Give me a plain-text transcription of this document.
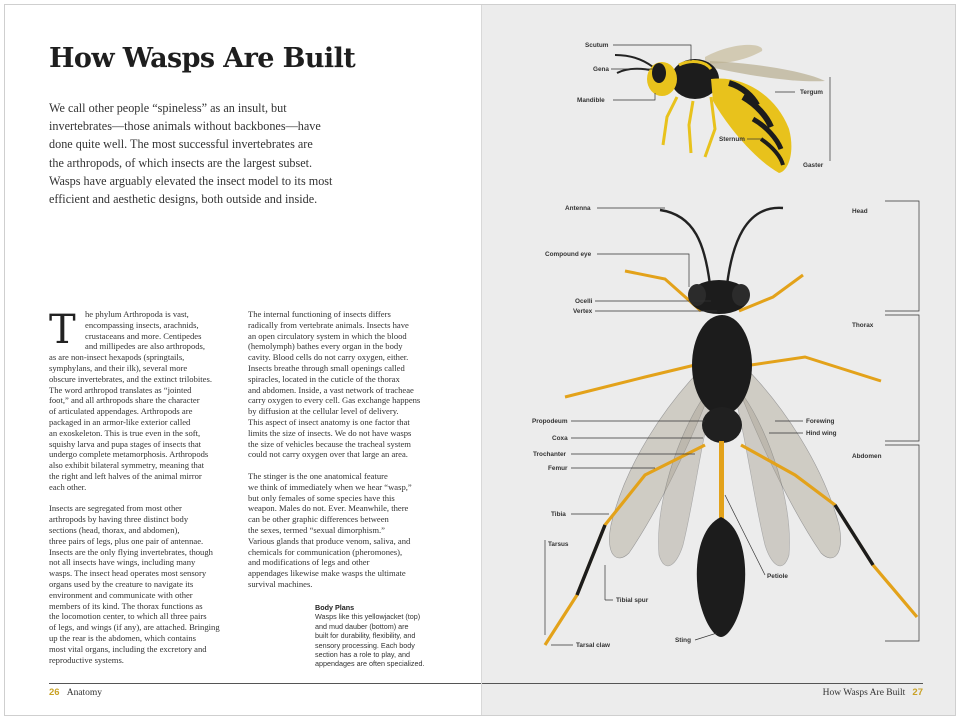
How Wasps Are Built
We call other people “spineless” as an insult, but
invertebrates—those animals without backbones—have
done quite well. The most successful invertebrates are
the arthropods, of which insects are the largest subset.
Wasps have arguably elevated the insect model to its most
efficient and aesthetic designs, both outside and inside.
T	he phylum Arthropoda is vast,
encompassing insects, arachnids,
crustaceans and more. Centipedes
and millipedes are also arthropods,
as are non-insect hexapods (springtails,
symphylans, and their ilk), several more
obscure invertebrates, and the extinct trilobites.
The word arthropod translates as “jointed
foot,” and all arthropods share the character
of articulated appendages. Arthropods are
packaged in an armor-like exterior called
an exoskeleton. This is true even in the soft,
squishy larva and pupa stages of insects that
undergo complete metamorphosis. Arthropods
also exhibit bilateral symmetry, meaning that
the right and left halves of the animal mirror
each other.
Insects are segregated from most other
arthropods by having three distinct body
sections (head, thorax, and abdomen),
three pairs of legs, plus one pair of antennae.
Insects are the only flying invertebrates, though
not all insects have wings, including many
wasps. The insect head operates most sensory
organs used by the creature to navigate its
environment and communicate with other
members of its kind. The thorax functions as
the locomotion center, to which all three pairs
of legs, and wings (if any), are attached. Bringing
up the rear is the abdomen, which contains
most vital organs, including the excretory and
reproductive systems.
The internal functioning of insects differs
radically from vertebrate animals. Insects have
an open circulatory system in which the blood
(hemolymph) bathes every organ in the body
cavity. Blood cells do not carry oxygen, either.
Insects breathe through small openings called
spiracles, located in the cuticle of the thorax
and abdomen. Inside, a vast network of tracheae
carry oxygen to every cell. Gas exchange happens
by diffusion at the cellular level of delivery.
This aspect of insect anatomy is one factor that
limits the size of insects. We do not have wasps
the size of vehicles because the tracheal system
could not carry oxygen over that large an area.
The stinger is the one anatomical feature
we think of immediately when we hear “wasp,”
but only females of some species have this
weapon. Males do not. Ever. Meanwhile, there
can be other graphic differences between
the sexes, termed “sexual dimorphism.”
Various glands that produce venom, saliva, and
chemicals for communication (pheromones),
and modifications of legs and other
appendages likewise make wasps the ultimate
survival machines.
Body Plans
Wasps like this yellowjacket (top)
and mud dauber (bottom) are
built for durability, flexibility, and
sensory processing. Each body
section has a role to play, and
appendages are often specialized.
26 Anatomy
Scutum
Gena
Mandible
Tergum
Sternum
Gaster
Antenna
Compound eye
Ocelli
Vertex
Propodeum
Coxa
Trochanter
Femur
Tibia
Tarsus
Tarsal claw
Tibial spur
Sting
Petiole
Forewing
Hind wing
Head
Thorax
Abdomen
How Wasps Are Built 27
